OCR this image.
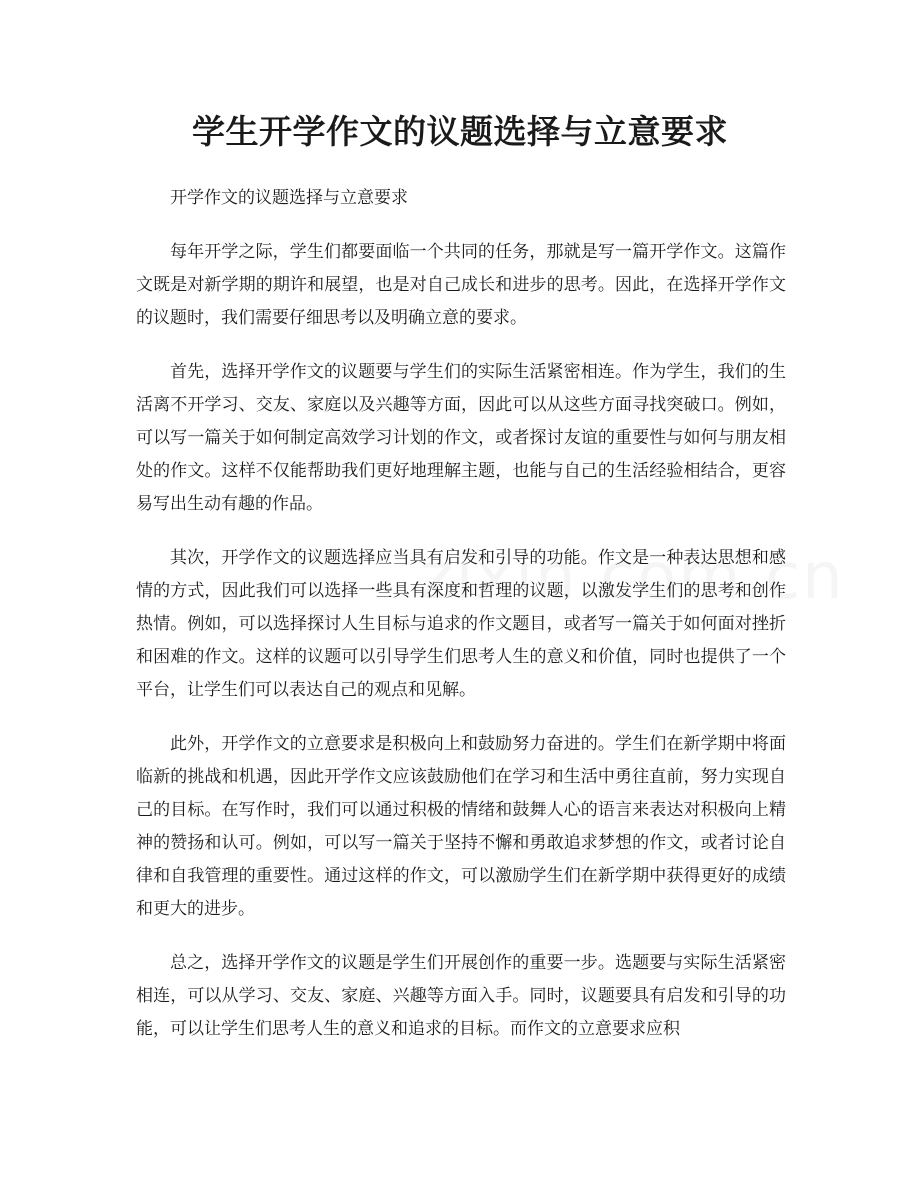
学生开学作文的议题选择与立意要求

开学作文的议题选择与立意要求

每年开学之际，学生们都要面临一个共同的任务，那就是写一篇开学作文。这篇作文既是对新学期的期许和展望，也是对自己成长和进步的思考。因此，在选择开学作文的议题时，我们需要仔细思考以及明确立意的要求。

首先，选择开学作文的议题要与学生们的实际生活紧密相连。作为学生，我们的生活离不开学习、交友、家庭以及兴趣等方面，因此可以从这些方面寻找突破口。例如，可以写一篇关于如何制定高效学习计划的作文，或者探讨友谊的重要性与如何与朋友相处的作文。这样不仅能帮助我们更好地理解主题，也能与自己的生活经验相结合，更容易写出生动有趣的作品。

其次，开学作文的议题选择应当具有启发和引导的功能。作文是一种表达思想和感情的方式，因此我们可以选择一些具有深度和哲理的议题，以激发学生们的思考和创作热情。例如，可以选择探讨人生目标与追求的作文题目，或者写一篇关于如何面对挫折和困难的作文。这样的议题可以引导学生们思考人生的意义和价值，同时也提供了一个平台，让学生们可以表达自己的观点和见解。

此外，开学作文的立意要求是积极向上和鼓励努力奋进的。学生们在新学期中将面临新的挑战和机遇，因此开学作文应该鼓励他们在学习和生活中勇往直前，努力实现自己的目标。在写作时，我们可以通过积极的情绪和鼓舞人心的语言来表达对积极向上精神的赞扬和认可。例如，可以写一篇关于坚持不懈和勇敢追求梦想的作文，或者讨论自律和自我管理的重要性。通过这样的作文，可以激励学生们在新学期中获得更好的成绩和更大的进步。

总之，选择开学作文的议题是学生们开展创作的重要一步。选题要与实际生活紧密相连，可以从学习、交友、家庭、兴趣等方面入手。同时，议题要具有启发和引导的功能，可以让学生们思考人生的意义和追求的目标。而作文的立意要求应积
